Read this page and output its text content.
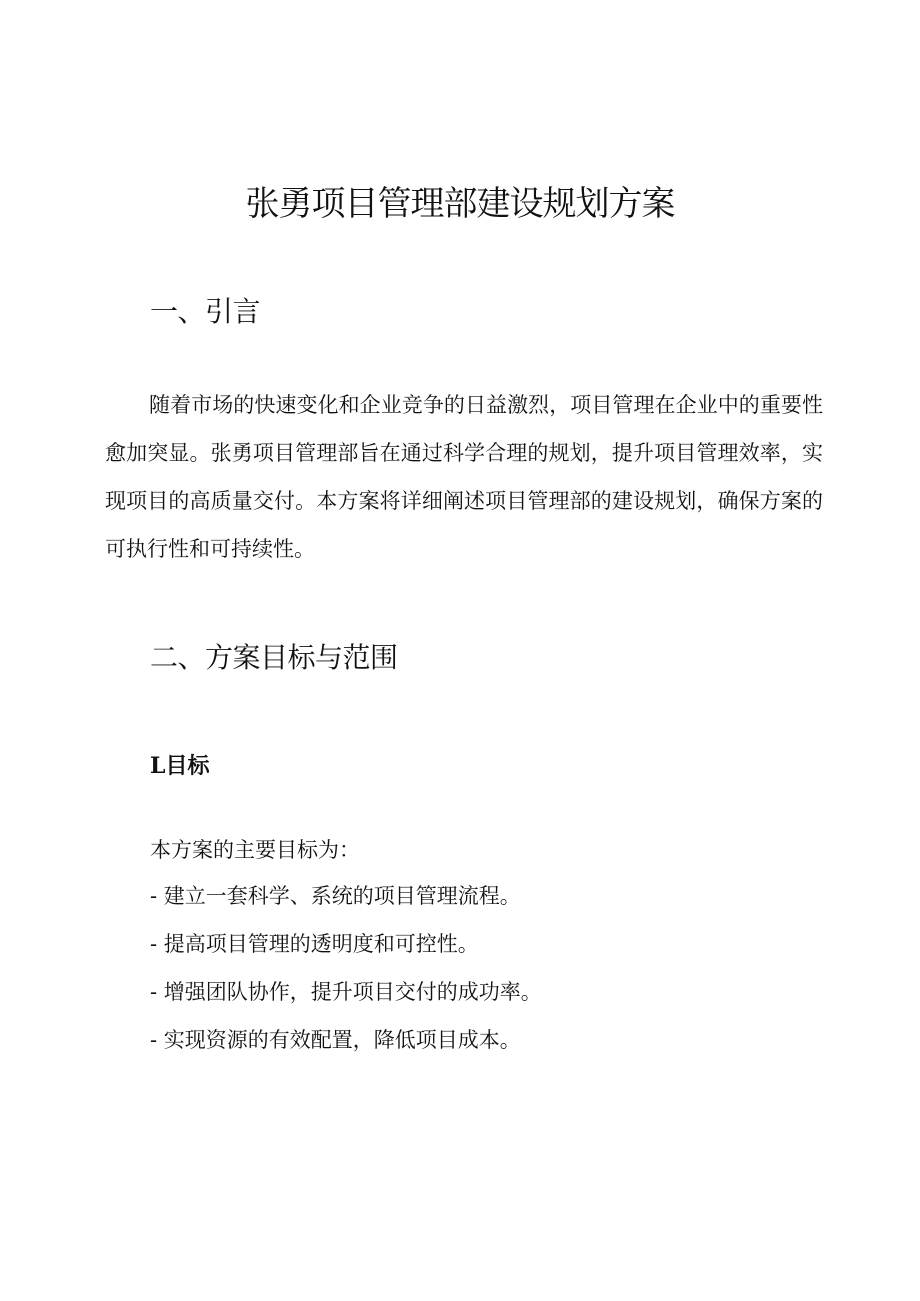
张勇项目管理部建设规划方案
一、引言

随着市场的快速变化和企业竞争的日益激烈，项目管理在企业中的重要性愈加突显。张勇项目管理部旨在通过科学合理的规划，提升项目管理效率，实现项目的高质量交付。本方案将详细阐述项目管理部的建设规划，确保方案的可执行性和可持续性。

二、方案目标与范围
L目标

本方案的主要目标为：

- 建立一套科学、系统的项目管理流程。
- 提高项目管理的透明度和可控性。
- 增强团队协作，提升项目交付的成功率。
- 实现资源的有效配置，降低项目成本。
